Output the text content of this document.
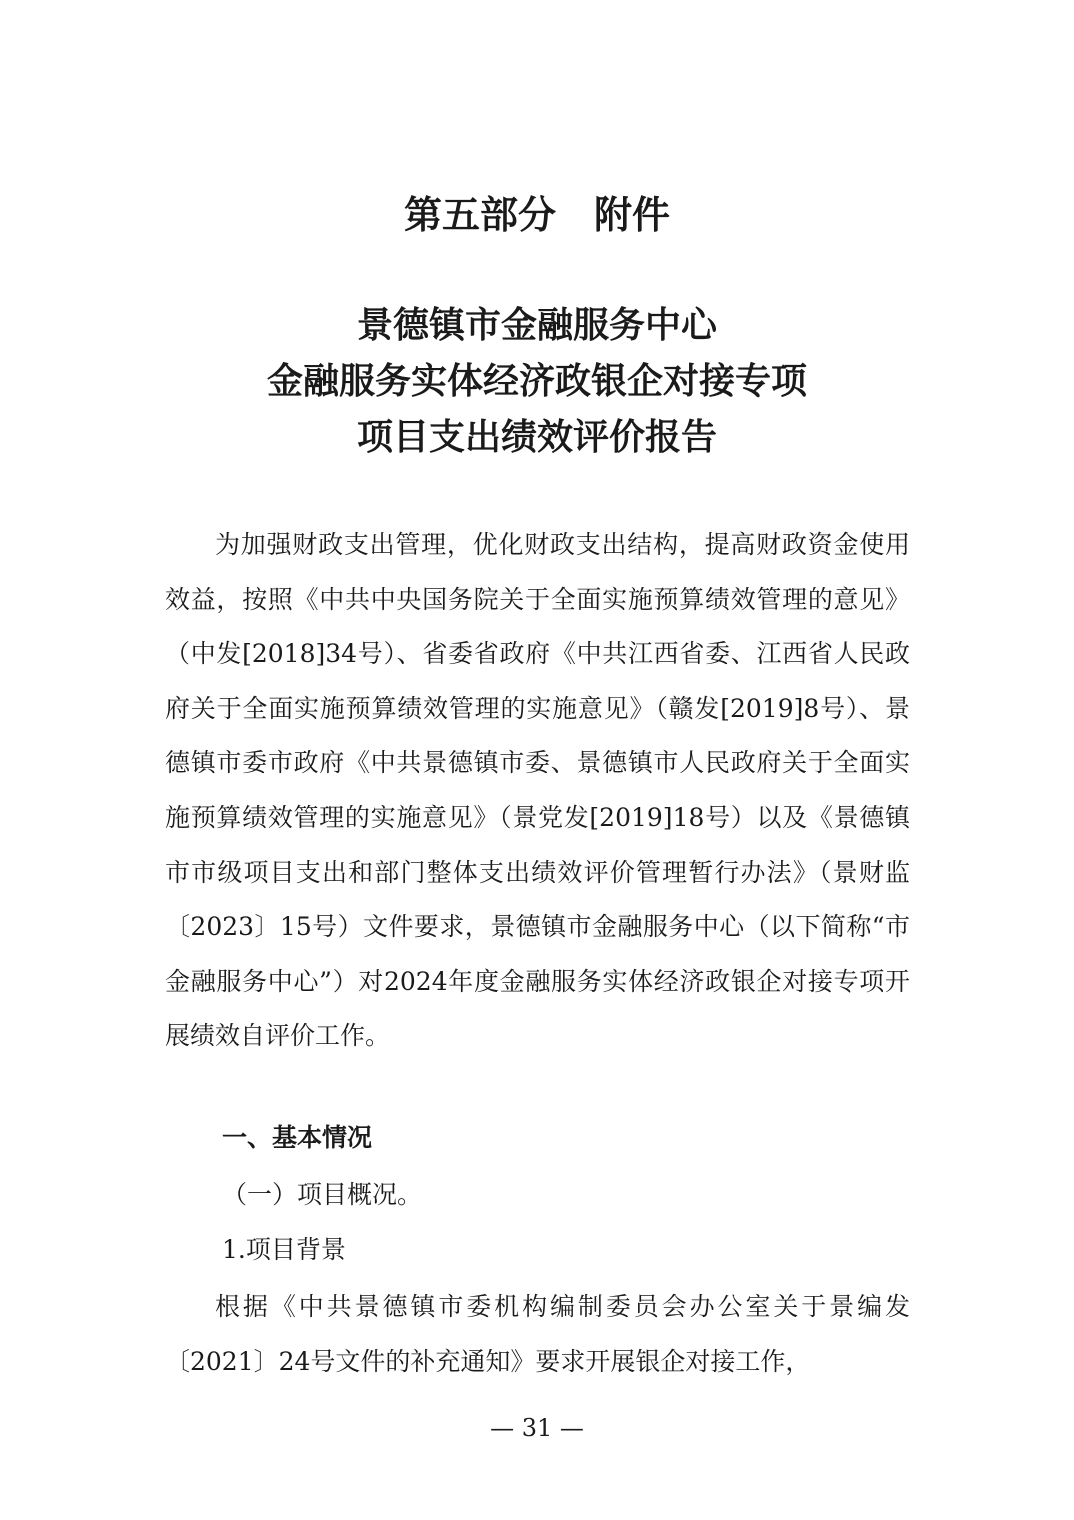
第五部分　附件
景德镇市金融服务中心
金融服务实体经济政银企对接专项
项目支出绩效评价报告

为加强财政支出管理，优化财政支出结构，提高财政资金使用效益，按照《中共中央国务院关于全面实施预算绩效管理的意见》（中发[2018]34号）、省委省政府《中共江西省委、江西省人民政府关于全面实施预算绩效管理的实施意见》（赣发[2019]8号）、景德镇市委市政府《中共景德镇市委、景德镇市人民政府关于全面实施预算绩效管理的实施意见》（景党发[2019]18号）以及《景德镇市市级项目支出和部门整体支出绩效评价管理暂行办法》（景财监〔2023〕15号）文件要求，景德镇市金融服务中心（以下简称“市金融服务中心”）对2024年度金融服务实体经济政银企对接专项开展绩效自评价工作。

一、基本情况
（一）项目概况。
1.项目背景

根据《中共景德镇市委机构编制委员会办公室关于景编发〔2021〕24号文件的补充通知》要求开展银企对接工作，

— 31 —
